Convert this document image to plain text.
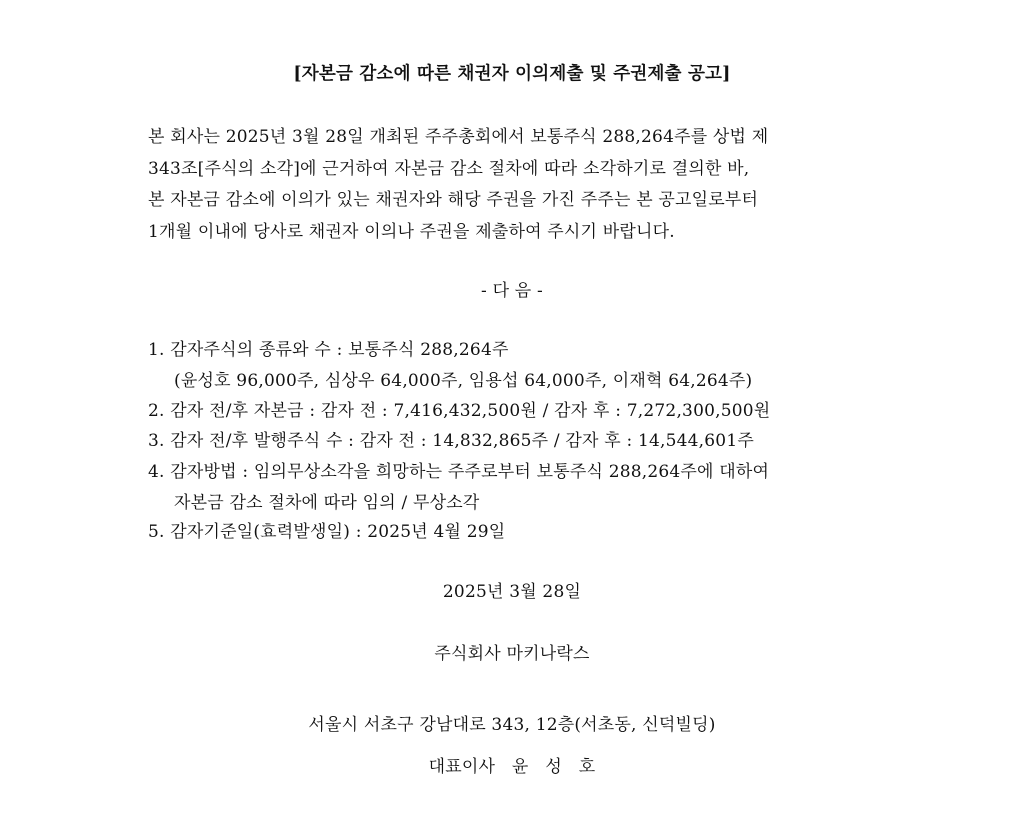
[자본금 감소에 따른 채권자 이의제출 및 주권제출 공고]
본 회사는 2025년 3월 28일 개최된 주주총회에서 보통주식 288,264주를 상법 제
343조[주식의 소각]에 근거하여 자본금 감소 절차에 따라 소각하기로 결의한 바,
본 자본금 감소에 이의가 있는 채권자와 해당 주권을 가진 주주는 본 공고일로부터
1개월 이내에 당사로 채권자 이의나 주권을 제출하여 주시기 바랍니다.
- 다 음 -
1. 감자주식의 종류와 수 : 보통주식 288,264주
(윤성호 96,000주, 심상우 64,000주, 임용섭 64,000주, 이재혁 64,264주)
2. 감자 전/후 자본금 : 감자 전 : 7,416,432,500원 / 감자 후 : 7,272,300,500원
3. 감자 전/후 발행주식 수 : 감자 전 : 14,832,865주 / 감자 후 : 14,544,601주
4. 감자방법 : 임의무상소각을 희망하는 주주로부터 보통주식 288,264주에 대하여
자본금 감소 절차에 따라 임의 / 무상소각
5. 감자기준일(효력발생일) : 2025년 4월 29일
2025년 3월 28일
주식회사 마키나락스
서울시 서초구 강남대로 343, 12층(서초동, 신덕빌딩)
대표이사   윤   성   호
